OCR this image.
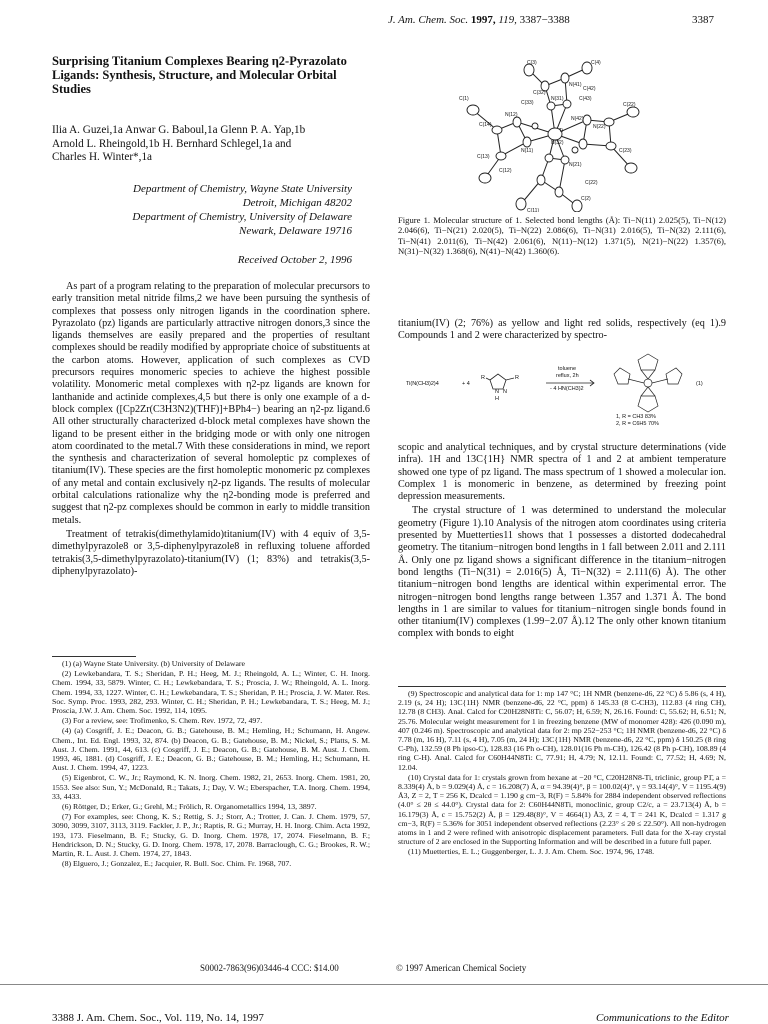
J. Am. Chem. Soc. 1997, 119, 3387−3388	3387
Surprising Titanium Complexes Bearing η2-Pyrazolato Ligands: Synthesis, Structure, and Molecular Orbital Studies
Ilia A. Guzei,1a Anwar G. Baboul,1a Glenn P. A. Yap,1b
Arnold L. Rheingold,1b H. Bernhard Schlegel,1a and
Charles H. Winter*,1a
Department of Chemistry, Wayne State University
Detroit, Michigan 48202
Department of Chemistry, University of Delaware
Newark, Delaware 19716
Received October 2, 1996
C(3)	C(4)
N(41)
C(42)
C(32)
C(43)
N(31)
C(33)
C(1)
N(12)
Ti
N(42)
C(22)
N(22)
C(14)
N(11)
N(32)
C(23)
C(13)
N(21)
C(12)
C(22)
C(11)
C(2)
Figure 1. Molecular structure of 1. Selected bond lengths (Å): Ti−N(11) 2.025(5), Ti−N(12) 2.046(6), Ti−N(21) 2.020(5), Ti−N(22) 2.086(6), Ti−N(31) 2.016(5), Ti−N(32) 2.111(6), Ti−N(41) 2.011(6), Ti−N(42) 2.061(6), N(11)−N(12) 1.371(5), N(21)−N(22) 1.357(6), N(31)−N(32) 1.368(6), N(41)−N(42) 1.360(6).
Ti(N(CH3)2)4	+ 4
R	R
N N
H
toluene
reflux, 2h
- 4 HN(CH3)2
(1)
1, R = CH3 83%
2, R = C6H5 70%

As part of a program relating to the preparation of molecular precursors to early transition metal nitride films,2 we have been pursuing the synthesis of complexes that possess only nitrogen ligands in the coordination sphere. Pyrazolato (pz) ligands are particularly attractive nitrogen donors,3 since the ligands themselves are easily prepared and the properties of resultant complexes should be readily modified by appropriate choice of substituents at the carbon atoms. However, application of such complexes as CVD precursors requires monomeric species to achieve the highest possible volatility. Monomeric metal complexes with η2-pz ligands are known for lanthanide and actinide complexes,4,5 but there is only one example of a d-block complex ([Cp2Zr(C3H3N2)(THF)]+BPh4−) bearing an η2-pz ligand.6 All other structurally characterized d-block metal complexes have shown the ligand to be present either in the bridging mode or with only one nitrogen atom coordinated to the metal.7 With these considerations in mind, we report the synthesis and characterization of several homoleptic pz complexes of titanium(IV). These species are the first homoleptic monomeric pz complexes of any metal and contain exclusively η2-pz ligands. The results of molecular orbital calculations rationalize why the η2-bonding mode is preferred and suggest that η2-pz complexes should be common in early to middle transition metals.

Treatment of tetrakis(dimethylamido)titanium(IV) with 4 equiv of 3,5-dimethylpyrazole8 or 3,5-diphenylpyrazole8 in refluxing toluene afforded tetrakis(3,5-dimethylpyrazolato)-titanium(IV) (1; 83%) and tetrakis(3,5-diphenylpyrazolato)-

titanium(IV) (2; 76%) as yellow and light red solids, respectively (eq 1).9 Compounds 1 and 2 were characterized by spectro-

scopic and analytical techniques, and by crystal structure determinations (vide infra). 1H and 13C{1H} NMR spectra of 1 and 2 at ambient temperature showed one type of pz ligand. The mass spectrum of 1 showed a molecular ion. Complex 1 is monomeric in benzene, as determined by freezing point depression measurements.

The crystal structure of 1 was determined to understand the molecular geometry (Figure 1).10 Analysis of the nitrogen atom coordinates using criteria presented by Muetterties11 shows that 1 possesses a distorted dodecahedral geometry. The titanium−nitrogen bond lengths in 1 fall between 2.011 and 2.111 Å. Only one pz ligand shows a significant difference in the titanium−nitrogen bond lengths (Ti−N(31) = 2.016(5) Å, Ti−N(32) = 2.111(6) Å). The other titanium−nitrogen bond lengths are identical within experimental error. The nitrogen−nitrogen bond lengths range between 1.357 and 1.371 Å. The bond lengths in 1 are similar to values for titanium−nitrogen single bonds found in other titanium(IV) complexes (1.99−2.07 Å).12 The only other known titanium complex with bonds to eight

(1) (a) Wayne State University. (b) University of Delaware

(2) Lewkebandara, T. S.; Sheridan, P. H.; Heeg, M. J.; Rheingold, A. L.; Winter, C. H. Inorg. Chem. 1994, 33, 5879. Winter, C. H.; Lewkebandara, T. S.; Proscia, J. W.; Rheingold, A. L. Inorg. Chem. 1994, 33, 1227. Winter, C. H.; Lewkebandara, T. S.; Sheridan, P. H.; Proscia, J. W. Mater. Res. Soc. Symp. Proc. 1993, 282, 293. Winter, C. H.; Sheridan, P. H.; Lewkebandara, T. S.; Heeg, M. J.; Proscia, J.W. J. Am. Chem. Soc. 1992, 114, 1095.

(3) For a review, see: Trofimenko, S. Chem. Rev. 1972, 72, 497.

(4) (a) Cosgriff, J. E.; Deacon, G. B.; Gatehouse, B. M.; Hemling, H.; Schumann, H. Angew. Chem., Int. Ed. Engl. 1993, 32, 874. (b) Deacon, G. B.; Gatehouse, B. M.; Nickel, S.; Platts, S. M. Aust. J. Chem. 1991, 44, 613. (c) Cosgriff, J. E.; Deacon, G. B.; Gatehouse, B. M. Aust. J. Chem. 1993, 46, 1881. (d) Cosgriff, J. E.; Deacon, G. B.; Gatehouse, B. M.; Hemling, H.; Schumann, H. Aust. J. Chem. 1994, 47, 1223.

(5) Eigenbrot, C. W., Jr.; Raymond, K. N. Inorg. Chem. 1982, 21, 2653. Inorg. Chem. 1981, 20, 1553. See also: Sun, Y.; McDonald, R.; Takats, J.; Day, V. W.; Eberspacher, T.A. Inorg. Chem. 1994, 33, 4433.

(6) Röttger, D.; Erker, G.; Grehl, M.; Frölich, R. Organometallics 1994, 13, 3897.

(7) For examples, see: Chong, K. S.; Rettig, S. J.; Storr, A.; Trotter, J. Can. J. Chem. 1979, 57, 3090, 3099, 3107, 3113, 3119. Fackler, J. P., Jr.; Raptis, R. G.; Murray, H. H. Inorg. Chim. Acta 1992, 193, 173. Fieselmann, B. F.; Stucky, G. D. Inorg. Chem. 1978, 17, 2074. Fieselmann, B. F.; Hendrickson, D. N.; Stucky, G. D. Inorg. Chem. 1978, 17, 2078. Barraclough, C. G.; Brookes, R. W.; Martin, R. L. Aust. J. Chem. 1974, 27, 1843.

(8) Elguero, J.; Gonzalez, E.; Jacquier, R. Bull. Soc. Chim. Fr. 1968, 707.

(9) Spectroscopic and analytical data for 1: mp 147 °C; 1H NMR (benzene-d6, 22 °C) δ 5.86 (s, 4 H), 2.19 (s, 24 H); 13C{1H} NMR (benzene-d6, 22 °C, ppm) δ 145.33 (8 C-CH3), 112.83 (4 ring CH), 12.78 (8 CH3). Anal. Calcd for C20H28N8Ti: C, 56.07; H, 6.59; N, 26.16. Found: C, 55.62; H, 6.51; N, 25.76. Molecular weight measurement for 1 in freezing benzene (MW of monomer 428): 426 (0.090 m), 407 (0.246 m). Spectroscopic and analytical data for 2: mp 252−253 °C; 1H NMR (benzene-d6, 22 °C) δ 7.78 (m, 16 H), 7.11 (s, 4 H), 7.05 (m, 24 H); 13C{1H} NMR (benzene-d6, 22 °C, ppm) δ 150.25 (8 ring C-Ph), 132.59 (8 Ph ipso-C), 128.83 (16 Ph o-CH), 128.01(16 Ph m-CH), 126.42 (8 Ph p-CH), 108.89 (4 ring C-H). Anal. Calcd for C60H44N8Ti: C, 77.91; H, 4.79; N, 12.11. Found: C, 77.52; H, 4.69; N, 12.04.

(10) Crystal data for 1: crystals grown from hexane at −20 °C, C20H28N8-Ti, triclinic, group P1̄, a = 8.339(4) Å, b = 9.029(4) Å, c = 16.208(7) Å, α = 94.39(4)°, β = 100.02(4)°, γ = 93.14(4)°, V = 1195.4(9) Å3, Z = 2, T = 256 K, Dcalcd = 1.190 g cm−3, R(F) = 5.84% for 2884 independent observed reflections (4.0° ≤ 2θ ≤ 44.0°). Crystal data for 2: C60H44N8Ti, monoclinic, group C2/c, a = 23.713(4) Å, b = 16.179(3) Å, c = 15.752(2) Å, β = 129.48(8)°, V = 4664(1) Å3, Z = 4, T = 241 K, Dcalcd = 1.317 g cm−3, R(F) = 5.36% for 3051 independent observed reflections (2.23° ≤ 2θ ≤ 22.50°). All non-hydrogen atoms in 1 and 2 were refined with anisotropic displacement parameters. Full data for the X-ray crystal structure of 2 are enclosed in the Supporting Information and will be described in a future full paper.

(11) Muetterties, E. L.; Guggenberger, L. J. J. Am. Chem. Soc. 1974, 96, 1748.

S0002-7863(96)03446-4 CCC: $14.00	© 1997 American Chemical Society
3388 J. Am. Chem. Soc., Vol. 119, No. 14, 1997	Communications to the Editor
